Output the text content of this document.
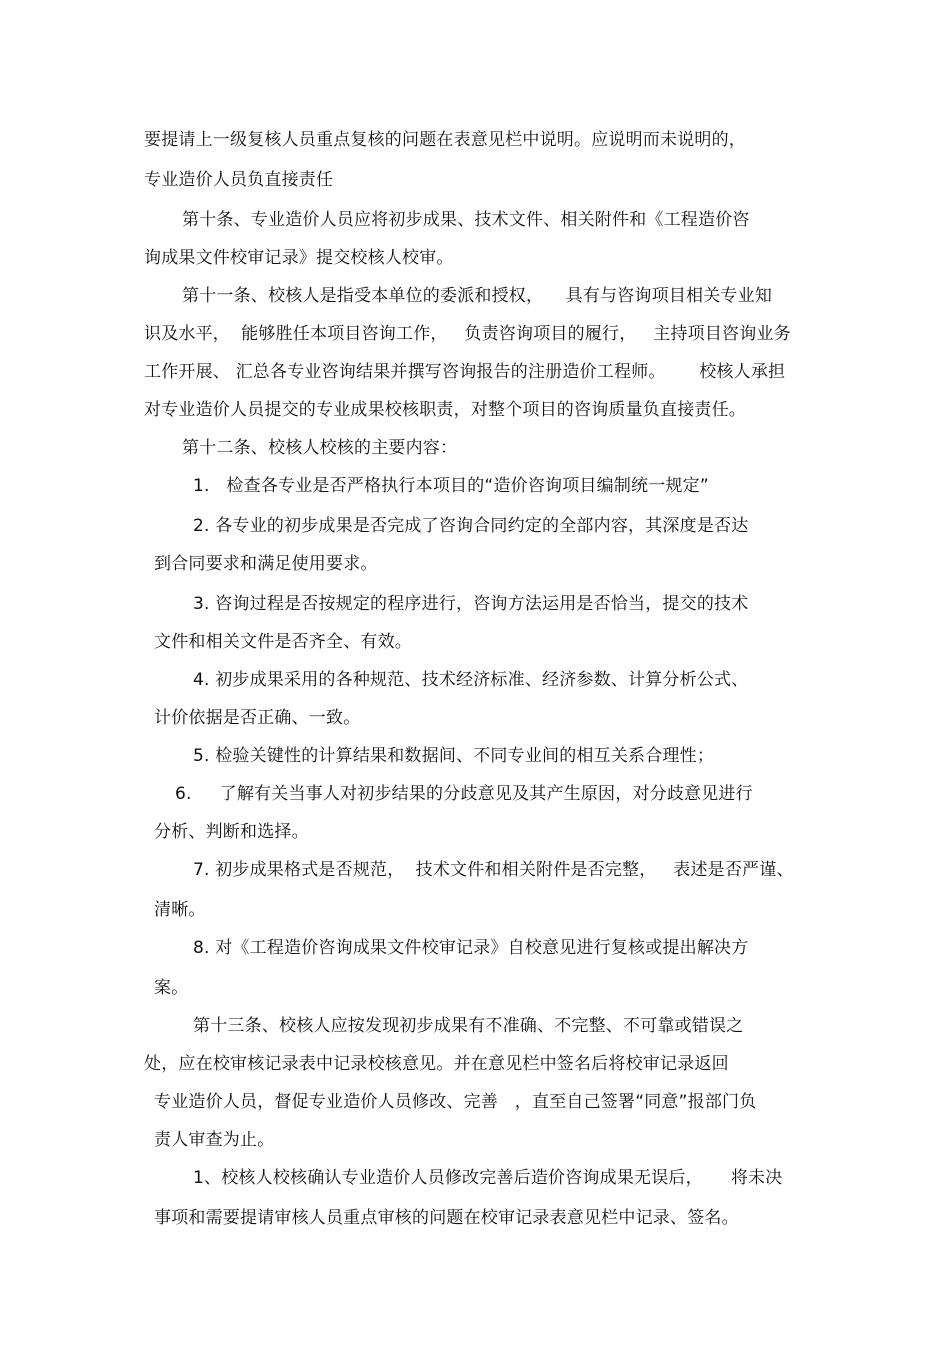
要提请上一级复核人员重点复核的问题在表意见栏中说明。应说明而未说明的，
专业造价人员负直接责任
第十条、专业造价人员应将初步成果、技术文件、相关附件和《工程造价咨
询成果文件校审记录》提交校核人校审。
第十一条、校核人是指受本单位的委派和授权，    具有与咨询项目相关专业知
识及水平，  能够胜任本项目咨询工作，   负责咨询项目的履行，   主持项目咨询业务
工作开展、 汇总各专业咨询结果并撰写咨询报告的注册造价工程师。      校核人承担
对专业造价人员提交的专业成果校核职责，对整个项目的咨询质量负直接责任。
第十二条、校核人校核的主要内容：
1.   检查各专业是否严格执行本项目的“造价咨询项目编制统一规定”
2. 各专业的初步成果是否完成了咨询合同约定的全部内容，其深度是否达
到合同要求和满足使用要求。
3. 咨询过程是否按规定的程序进行，咨询方法运用是否恰当，提交的技术
文件和相关文件是否齐全、有效。
4. 初步成果采用的各种规范、技术经济标准、经济参数、计算分析公式、
计价依据是否正确、一致。
5. 检验关键性的计算结果和数据间、不同专业间的相互关系合理性；
6.     了解有关当事人对初步结果的分歧意见及其产生原因，对分歧意见进行
分析、判断和选择。
7. 初步成果格式是否规范，  技术文件和相关附件是否完整，   表述是否严谨、
清晰。
8. 对《工程造价咨询成果文件校审记录》自校意见进行复核或提出解决方
案。
第十三条、校核人应按发现初步成果有不准确、不完整、不可靠或错误之
处，应在校审核记录表中记录校核意见。并在意见栏中签名后将校审记录返回
专业造价人员，督促专业造价人员修改、完善   ，直至自己签署“同意”报部门负
责人审查为止。
1、校核人校核确认专业造价人员修改完善后造价咨询成果无误后，     将未决
事项和需要提请审核人员重点审核的问题在校审记录表意见栏中记录、签名。
